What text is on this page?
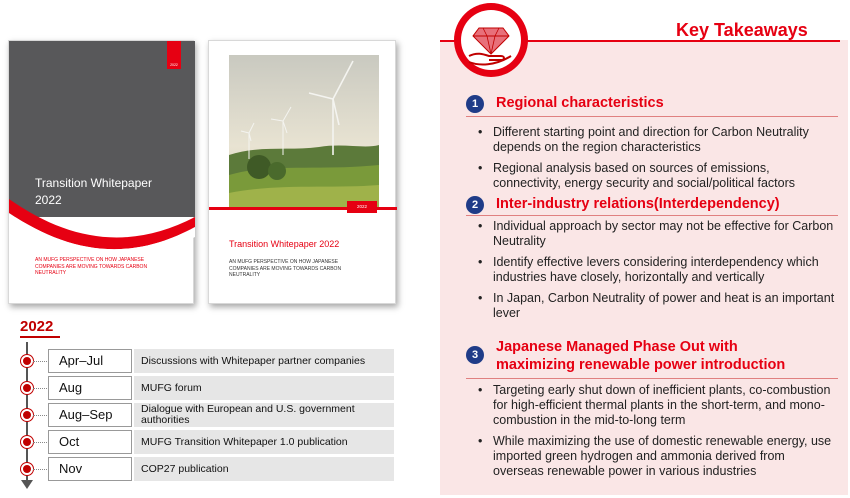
2022
Transition Whitepaper 2022
AN MUFG PERSPECTIVE ON HOW JAPANESE COMPANIES ARE MOVING TOWARDS CARBON NEUTRALITY
2022
Transition Whitepaper 2022
AN MUFG PERSPECTIVE ON HOW JAPANESE COMPANIES ARE MOVING TOWARDS CARBON NEUTRALITY
2022
Apr–Jul	Discussions with Whitepaper partner companies
Aug	MUFG forum
Aug–Sep	Dialogue with European and U.S. government authorities
Oct	MUFG Transition Whitepaper 1.0 publication
Nov	COP27 publication
Key Takeaways
1	Regional characteristics
• Different starting point and direction for Carbon Neutrality depends on the region characteristics
• Regional analysis based on sources of emissions, connectivity, energy security and social/political factors
2	Inter-industry relations(Interdependency)
• Individual approach by sector may not be effective for Carbon Neutrality
• Identify effective levers considering interdependency which industries have closely, horizontally and vertically
• In Japan, Carbon Neutrality of power and heat is an important lever
3	Japanese Managed Phase Out with
maximizing renewable power introduction
• Targeting early shut down of inefficient plants, co-combustion for high-efficient thermal plants in the short-term, and mono-combustion in the mid-to-long term
• While maximizing the use of domestic renewable energy, use imported green hydrogen and ammonia derived from overseas renewable power in various industries
